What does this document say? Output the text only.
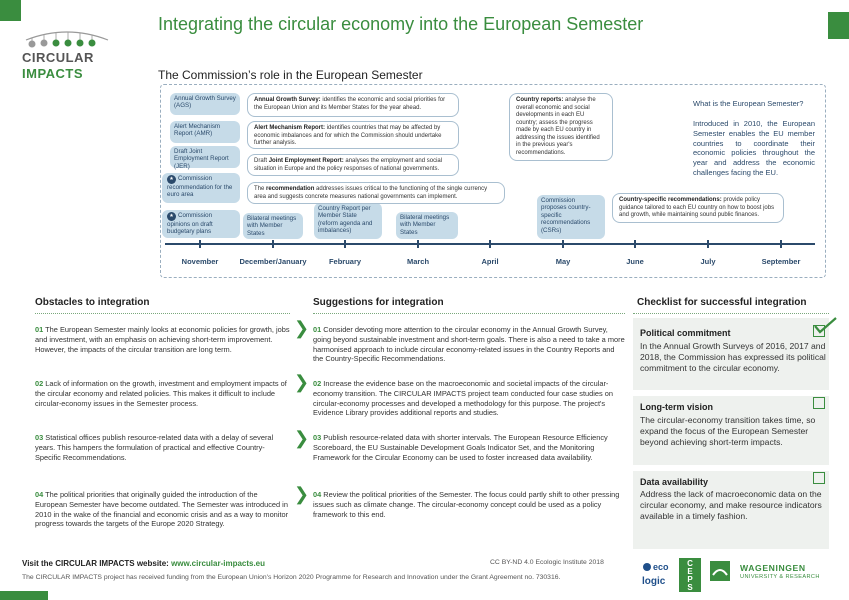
Integrating the circular economy into the European Semester
CIRCULAR
IMPACTS	The Commission’s role in the European Semester
Annual Growth Survey (AGS)
Alert Mechanism Report (AMR)
Draft Joint Employment Report (JER)
★ Commission recommendation for the euro area
★ Commission opinions on draft budgetary plans
Bilateral meetings with Member States
Country Report per Member State (reform agenda and imbalances)
Bilateral meetings with Member States
Commission proposes country-specific recommendations (CSRs)
Annual Growth Survey: identifies the economic and social priorities for the European Union and its Member States for the year ahead.
Alert Mechanism Report: identifies countries that may be affected by economic imbalances and for which the Commission should undertake further analysis.
Draft Joint Employment Report: analyses the employment and social situation in Europe and the policy responses of national governments.
The recommendation addresses issues critical to the functioning of the single currency area and suggests concrete measures national governments can implement.
Country reports: analyse the overall economic and social developments in each EU country; assess the progress made by each EU country in addressing the issues identified in the previous year's recommendations.
Country-specific recommendations: provide policy guidance tailored to each EU country on how to boost jobs and growth, while maintaining sound public finances.
What is the European Semester?
Introduced in 2010, the European Semester enables the EU member countries to coordinate their economic policies throughout the year and address the economic challenges facing the EU.
November	December/January	February	March	April	May	June	July	September
Obstacles to integration
01 The European Semester mainly looks at economic policies for growth, jobs and investment, with an emphasis on achieving short-term improvement. However, the impacts of the circular transition are long term.
02 Lack of information on the growth, investment and employment impacts of the circular economy and related policies. This makes it difficult to include circular-economy issues in the Semester process.
03 Statistical offices publish resource-related data with a delay of several years. This hampers the formulation of practical and effective Country-Specific Recommendations.
04 The political priorities that originally guided the introduction of the European Semester have become outdated. The Semester was introduced in 2010 in the wake of the financial and economic crisis and as a way to monitor progress towards the targets of the Europe 2020 Strategy.
Suggestions for integration
❯
❯
❯
❯
01 Consider devoting more attention to the circular economy in the Annual Growth Survey, going beyond sustainable investment and short-term goals. There is also a need to take a more harmonised approach to include circular economy-related issues in the Country Reports and the Country-Specific Recommendations.
02 Increase the evidence base on the macroeconomic and societal impacts of the circular-economy transition. The CIRCULAR IMPACTS project team conducted four case studies on circular-economy processes and developed a methodology for this purpose. The project's Evidence Library provides additional reports and studies.
03 Publish resource-related data with shorter intervals. The European Resource Efficiency Scoreboard, the EU Sustainable Development Goals Indicator Set, and the Monitoring Framework for the Circular Economy can be used to foster increased data availability.
04 Review the political priorities of the Semester. The focus could partly shift to other pressing issues such as climate change. The circular-economy concept could be used as a policy framework to this end.
Checklist for successful integration
Political commitment
In the Annual Growth Surveys of 2016, 2017 and 2018, the Commission has expressed its political commitment to the circular economy.
Long-term vision
The circular-economy transition takes time, so expand the focus of the European Semester beyond achieving short-term impacts.
Data availability
Address the lack of macroeconomic data on the circular economy, and make resource indicators available in a timely fashion.
Visit the CIRCULAR IMPACTS website: www.circular-impacts.eu	CC BY-ND 4.0 Ecologic Institute 2018
The CIRCULAR IMPACTS project has received funding from the European Union's Horizon 2020 Programme for Research and Innovation under the Grant Agreement no. 730316.
eco
logic
C
E
P
S
WAGENINGEN
UNIVERSITY & RESEARCH
